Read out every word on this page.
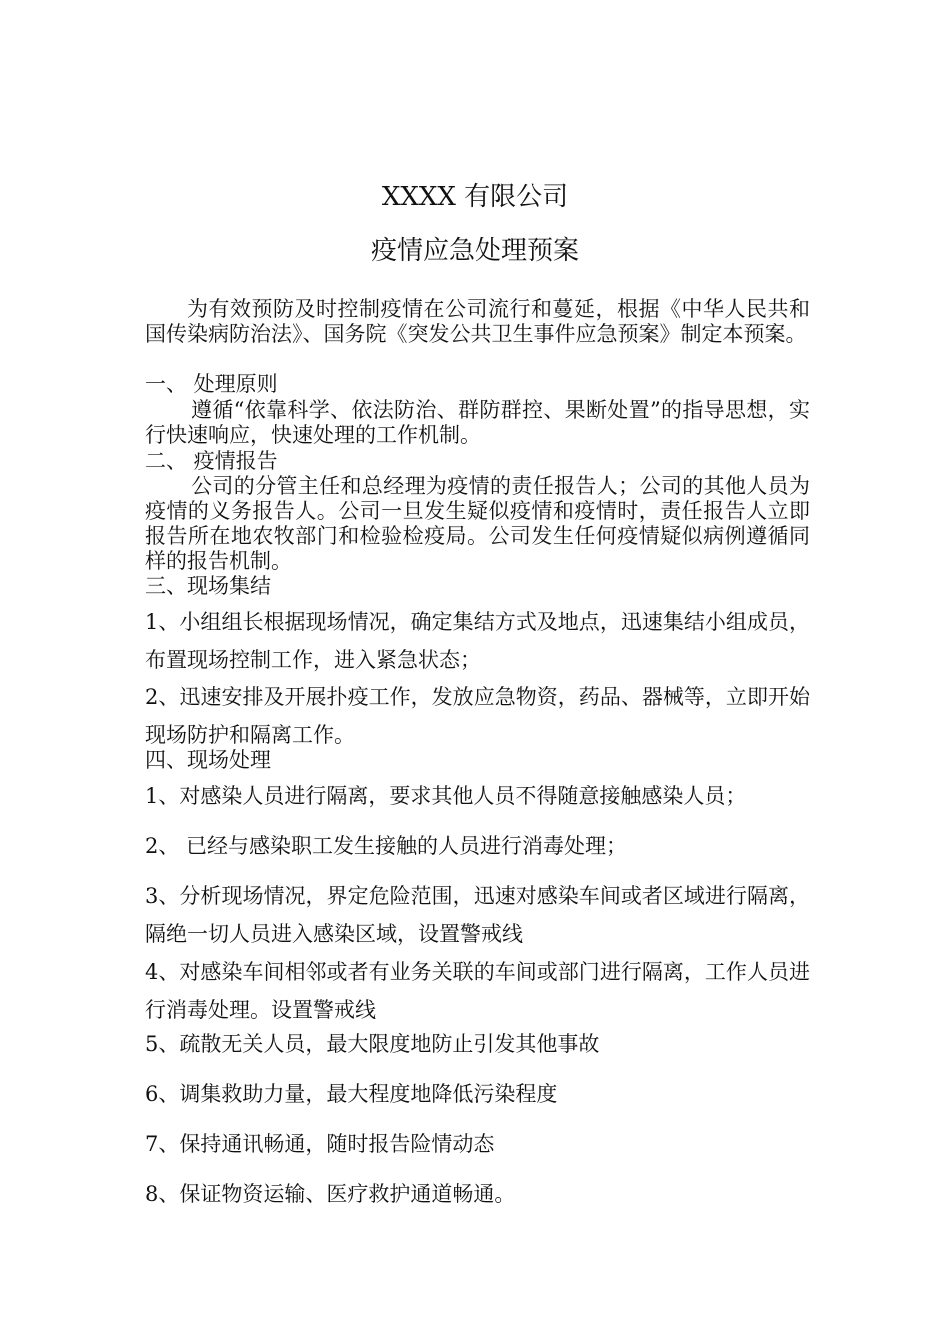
XXXX 有限公司
疫情应急处理预案
为有效预防及时控制疫情在公司流行和蔓延，根据《中华人民共和国传染病防治法》、国务院《突发公共卫生事件应急预案》制定本预案。
一、 处理原则
遵循“依靠科学、依法防治、群防群控、果断处置”的指导思想，实行快速响应，快速处理的工作机制。
二、 疫情报告
公司的分管主任和总经理为疫情的责任报告人；公司的其他人员为疫情的义务报告人。公司一旦发生疑似疫情和疫情时，责任报告人立即报告所在地农牧部门和检验检疫局。公司发生任何疫情疑似病例遵循同样的报告机制。
三、现场集结
1、小组组长根据现场情况，确定集结方式及地点，迅速集结小组成员，布置现场控制工作，进入紧急状态；
2、迅速安排及开展扑疫工作，发放应急物资，药品、器械等，立即开始现场防护和隔离工作。
四、现场处理
1、对感染人员进行隔离，要求其他人员不得随意接触感染人员；
2、 已经与感染职工发生接触的人员进行消毒处理；
3、分析现场情况，界定危险范围，迅速对感染车间或者区域进行隔离，隔绝一切人员进入感染区域，设置警戒线
4、对感染车间相邻或者有业务关联的车间或部门进行隔离，工作人员进行消毒处理。设置警戒线
5、疏散无关人员，最大限度地防止引发其他事故
6、调集救助力量，最大程度地降低污染程度
7、保持通讯畅通，随时报告险情动态
8、保证物资运输、医疗救护通道畅通。
